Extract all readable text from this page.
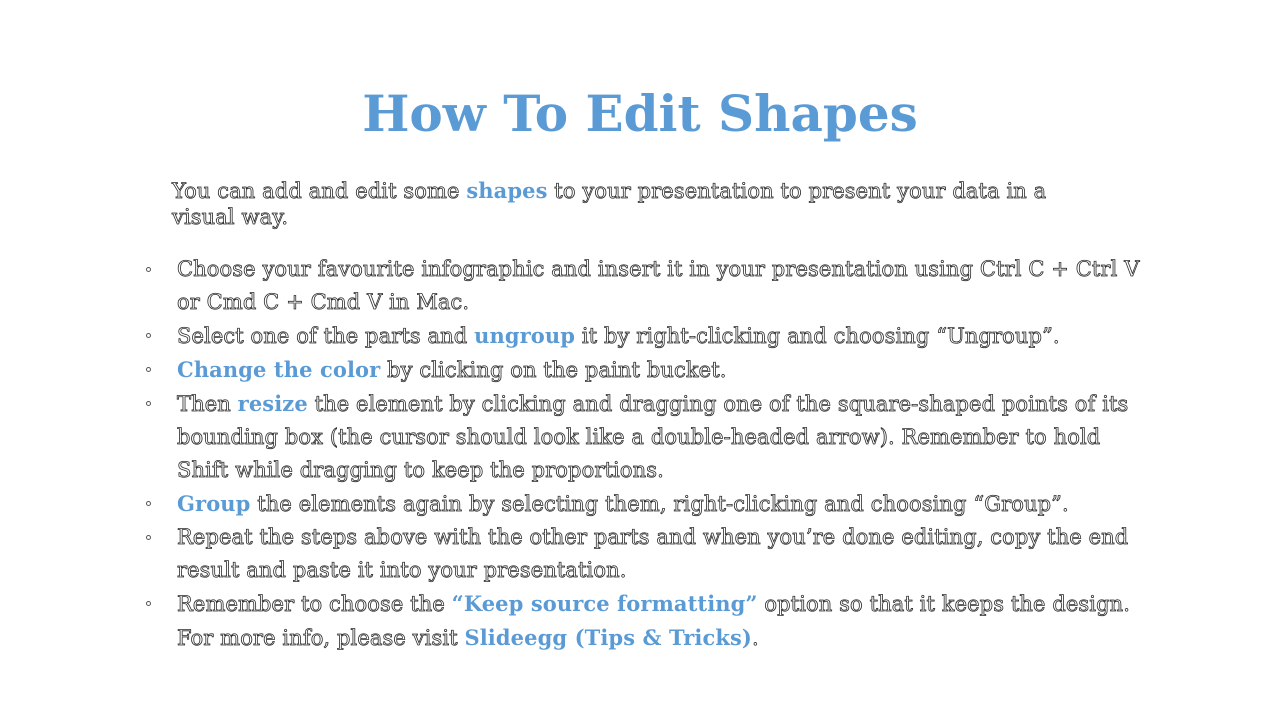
How To Edit Shapes

You can add and edit some shapes to your presentation to present your data in a visual way.

Choose your favourite infographic and insert it in your presentation using Ctrl C + Ctrl V or Cmd C + Cmd V in Mac.
Select one of the parts and ungroup it by right-clicking and choosing “Ungroup”.
Change the color by clicking on the paint bucket.
Then resize the element by clicking and dragging one of the square-shaped points of its bounding box (the cursor should look like a double-headed arrow). Remember to hold Shift while dragging to keep the proportions.
Group the elements again by selecting them, right-clicking and choosing “Group”.
Repeat the steps above with the other parts and when you’re done editing, copy the end result and paste it into your presentation.
Remember to choose the “Keep source formatting” option so that it keeps the design. For more info, please visit Slideegg (Tips & Tricks).
